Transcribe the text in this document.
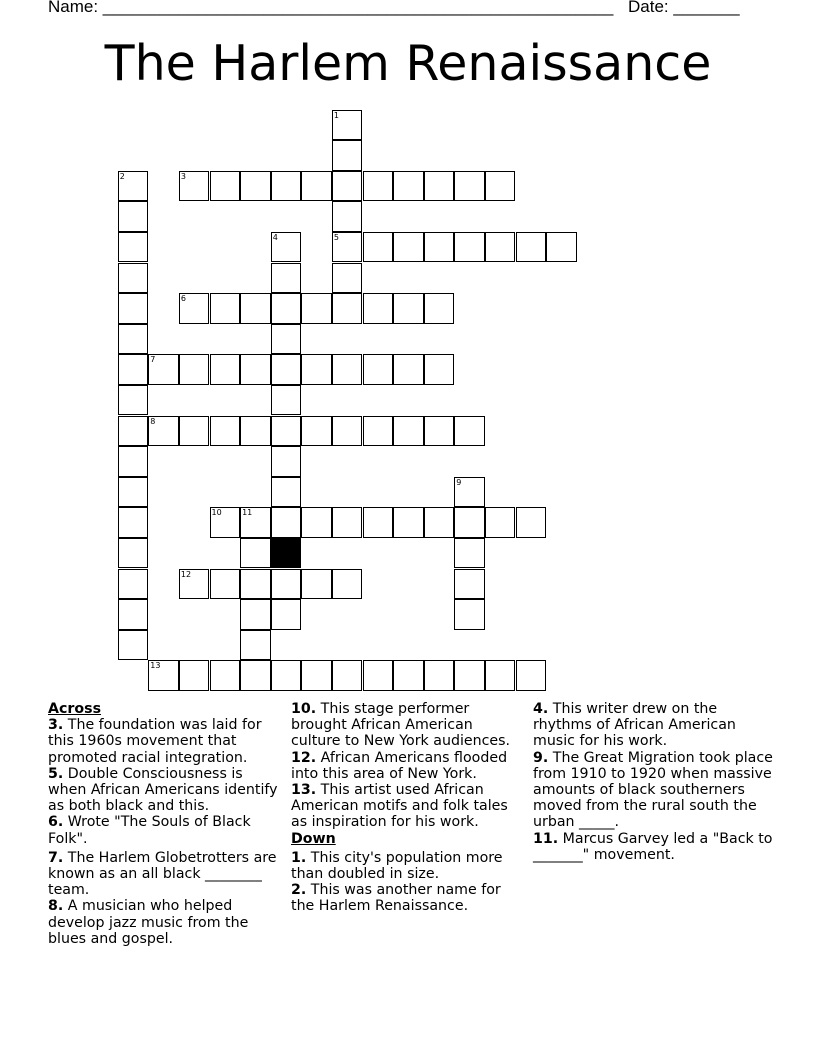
Name: ______________________________________________________ Date: _______
The Harlem Renaissance
1
5
2	3
4
6
7
8
9
10	11
12
13

Across

3. The foundation was laid for this 1960s movement that promoted racial integration.

5. Double Consciousness is when African Americans identify as both black and this.

6. Wrote "The Souls of Black Folk".

7. The Harlem Globetrotters are known as an all black ________ team.

8. A musician who helped develop jazz music from the blues and gospel.

10. This stage performer brought African American culture to New York audiences.

12. African Americans flooded into this area of New York.

13. This artist used African American motifs and folk tales as inspiration for his work.

Down

1. This city's population more than doubled in size.

2. This was another name for the Harlem Renaissance.

4. This writer drew on the rhythms of African American music for his work.

9. The Great Migration took place from 1910 to 1920 when massive amounts of black southerners moved from the rural south the urban _____.

11. Marcus Garvey led a "Back to _______" movement.
